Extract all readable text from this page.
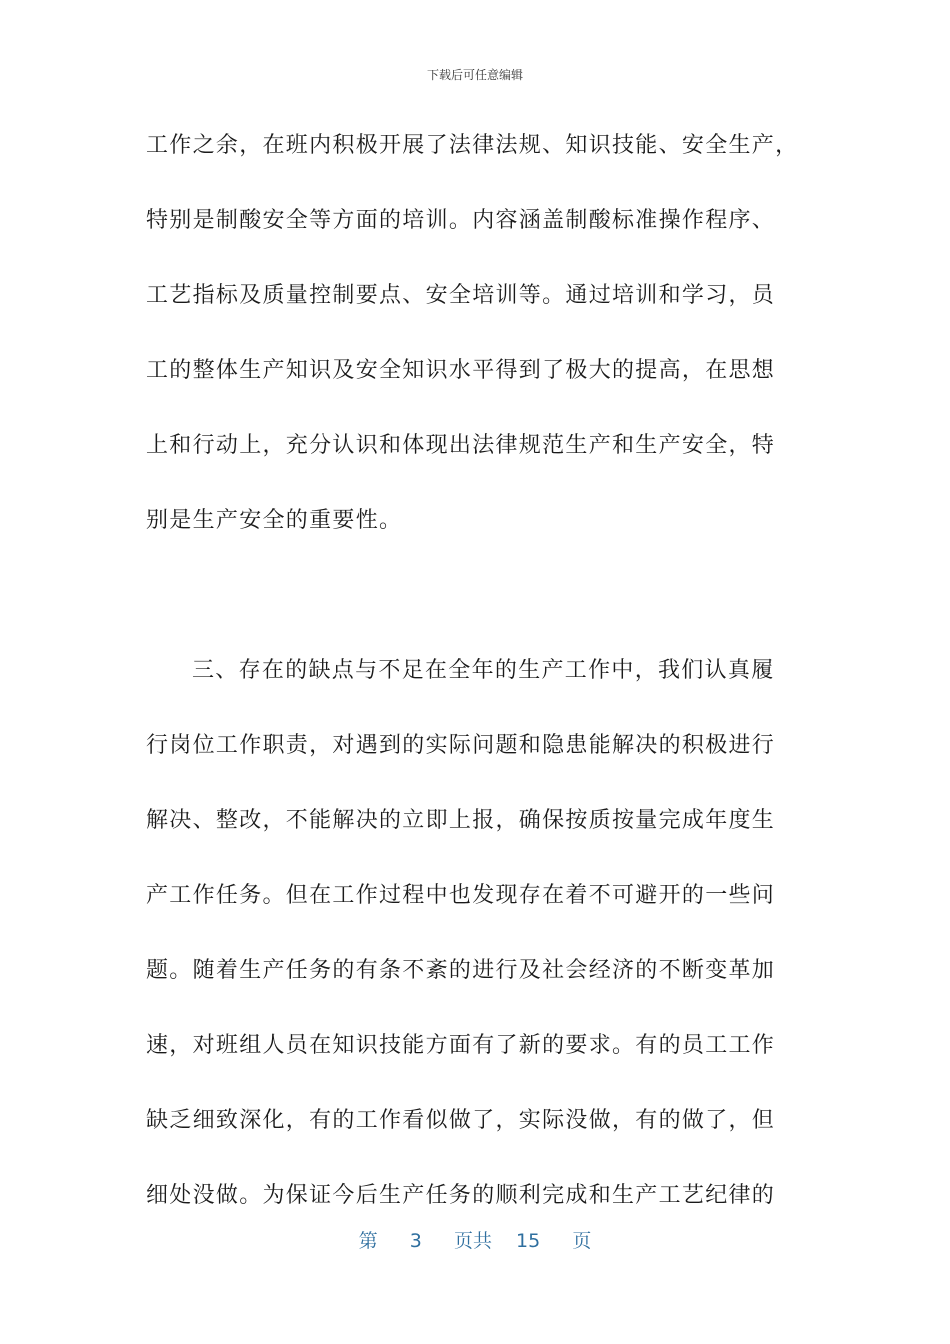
下载后可任意编辑
工作之余，在班内积极开展了法律法规、知识技能、安全生产，
特别是制酸安全等方面的培训。内容涵盖制酸标准操作程序、
工艺指标及质量控制要点、安全培训等。通过培训和学习，员
工的整体生产知识及安全知识水平得到了极大的提高，在思想
上和行动上，充分认识和体现出法律规范生产和生产安全，特
别是生产安全的重要性。
三、存在的缺点与不足在全年的生产工作中，我们认真履
行岗位工作职责，对遇到的实际问题和隐患能解决的积极进行
解决、整改，不能解决的立即上报，确保按质按量完成年度生
产工作任务。但在工作过程中也发现存在着不可避开的一些问
题。随着生产任务的有条不紊的进行及社会经济的不断变革加
速，对班组人员在知识技能方面有了新的要求。有的员工工作
缺乏细致深化，有的工作看似做了，实际没做，有的做了，但
细处没做。为保证今后生产任务的顺利完成和生产工艺纪律的
第 3 页共 15 页
